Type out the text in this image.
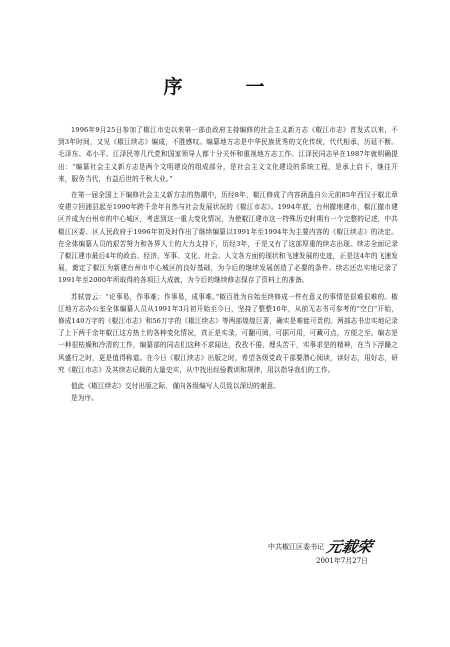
序　一

1996年9月25日参加了椒江市史以来第一部由政府主持编修的社会主义新方志《椒江市志》首发式以来，不到3年时间，又见《椒江续志》编成，不胜感叹。编纂地方志是中华民族优秀的文化传统，代代相承，历延不断。毛泽东、邓小平、江泽民等几代党和国家领导人都十分关怀和重视地方志工作。江泽民同志早在1987年就明确提出：“编纂社会主义新方志是两个文明建设的组成部分，是社会主义文化建设的系统工程，是承上启下，继往开来，服务当代，有益后世的千秋大业。”

在第一届全国上下编修社会主义新方志的热潮中，历经8年，椒江修成了内容涵盖自公元前85年西汉于椒北章安建立回浦县起至1990年跨千余年自然与社会发展状况的《椒江市志》。1994年底，台州撤地建市，椒江撤市建区并成为台州市的中心城区，考虑到这一重大变化情况，为使椒江建市这一特殊历史时期有一个完整的记述，中共椒江区委、区人民政府于1996年初及时作出了继续编纂以1991年至1994年为主要内容的《椒江续志》的决定。在全体编纂人员的艰苦努力和各界人士的大力支持下，历经3年，于是又有了这部厚重的续志出现。续志全面记录了椒江建市最后4年的政治、经济、军事、文化、社会、人文各方面的现状和飞速发展的史迹，正是这4年的飞速发展，奠定了椒江为新建台州市中心城区的良好基础，为今后的继续发展创造了必要的条件。续志还忠实地记录了1991年至2000年所取得的各项巨大成就，为今后的继续修志保存了资料上的准备。

苏轼曾云：“论事易，作事难；作事易，成事难。”椒百姓为自始至终修成一件有意义的事情是很难很难的。椒江地方志办公室全体编纂人员从1991年3月初开始至今日，坚持了整整10年，从前无志书可参考的“空白”开始，修成140万字的《椒江市志》和56万字的《椒江续志》等两部煌煌巨著，确实是难能可贵的。两部志书忠实地记录了上下两千余年椒江这方热土的各种变化情况，真正是实录，可翻可阅，可据可用，可藏可点，方便之至。编志是一种很枯燥和冷清的工作，编纂部的同志们这种不求闻达，孜孜不倦，埋头苦干，实事求是的精神，在当下浮躁之风盛行之时，更是值得称道。在今日《椒江续志》出版之时，希望各级党政干部要潜心阅读，读好志，用好志，研究《椒江市志》及其续志记载的大量史实，从中找出经验教训和规律，用以指导我们的工作。

值此《椒江续志》交付出版之际，谨向各级编写人员致以深切的谢意。

是为序。

中共椒江区委书记 元载荣
2001年7月27日
